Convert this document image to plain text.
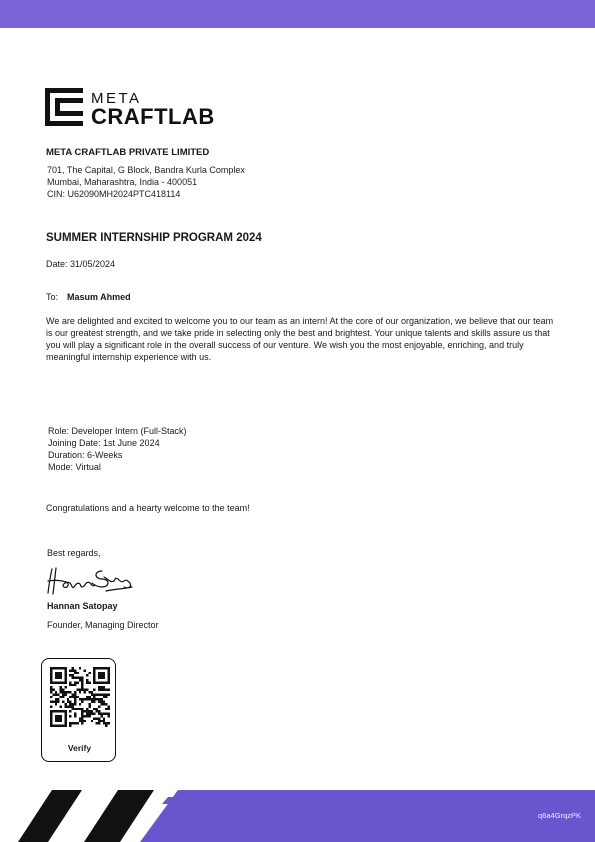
META
CRAFTLAB
META CRAFTLAB PRIVATE LIMITED
701, The Capital, G Block, Bandra Kurla Complex
Mumbai, Maharashtra, India - 400051
CIN: U62090MH2024PTC418114
SUMMER INTERNSHIP PROGRAM 2024
Date: 31/05/2024
To: Masum Ahmed
We are delighted and excited to welcome you to our team as an intern! At the core of our organization, we believe that our team is our greatest strength, and we take pride in selecting only the best and brightest. Your unique talents and skills assure us that you will play a significant role in the overall success of our venture. We wish you the most enjoyable, enriching, and truly meaningful internship experience with us.
Role: Developer Intern (Full-Stack)
Joining Date: 1st June 2024
Duration: 6-Weeks
Mode: Virtual
Congratulations and a hearty welcome to the team!
Best regards,
Hannan Satopay
Founder, Managing Director
Verify
q6a4GrqzPK
